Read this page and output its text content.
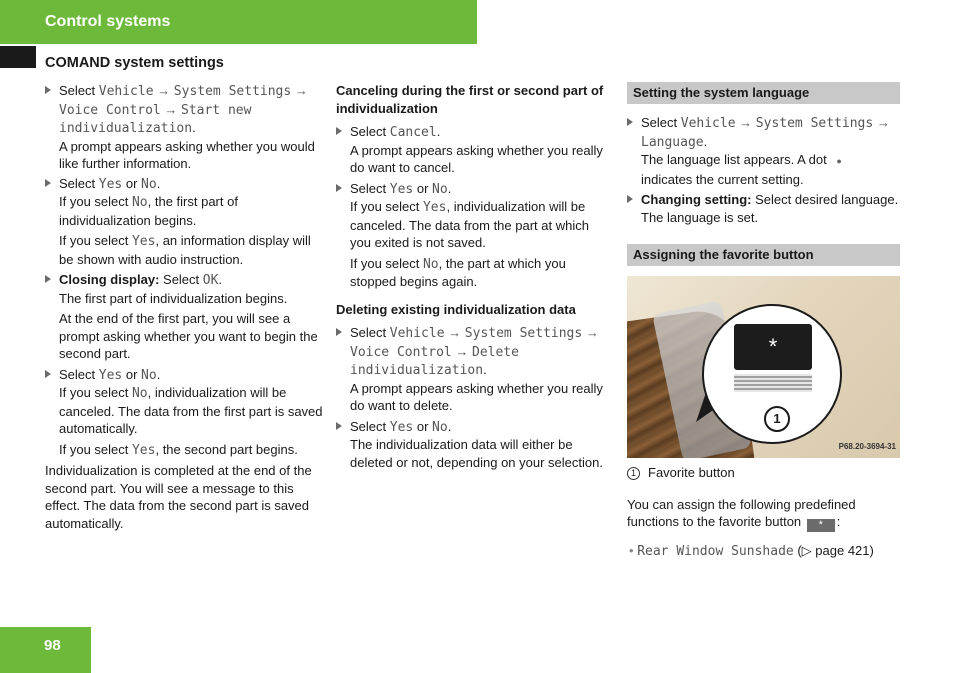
Control systems
COMAND system settings
Select Vehicle → System Settings → Voice Control → Start new individualization.
A prompt appears asking whether you would like further information.
Select Yes or No.
If you select No, the first part of individualization begins.
If you select Yes, an information display will be shown with audio instruction.
Closing display: Select OK.
The first part of individualization begins.
At the end of the first part, you will see a prompt asking whether you want to begin the second part.
Select Yes or No.
If you select No, individualization will be canceled. The data from the first part is saved automatically.
If you select Yes, the second part begins.
Individualization is completed at the end of the second part. You will see a message to this effect. The data from the second part is saved automatically.
Canceling during the first or second part of individualization
Select Cancel.
A prompt appears asking whether you really do want to cancel.
Select Yes or No.
If you select Yes, individualization will be canceled. The data from the part at which you exited is not saved.
If you select No, the part at which you stopped begins again.
Deleting existing individualization data
Select Vehicle → System Settings → Voice Control → Delete individualization.
A prompt appears asking whether you really do want to delete.
Select Yes or No.
The individualization data will either be deleted or not, depending on your selection.
Setting the system language
Select Vehicle → System Settings → Language.
The language list appears. A dot ●
indicates the current setting.
Changing setting: Select desired language.
The language is set.
Assigning the favorite button
*
1
P68.20-3694-31
1 Favorite button
You can assign the following predefined functions to the favorite button * :
• Rear Window Sunshade (▷ page 421)
98
